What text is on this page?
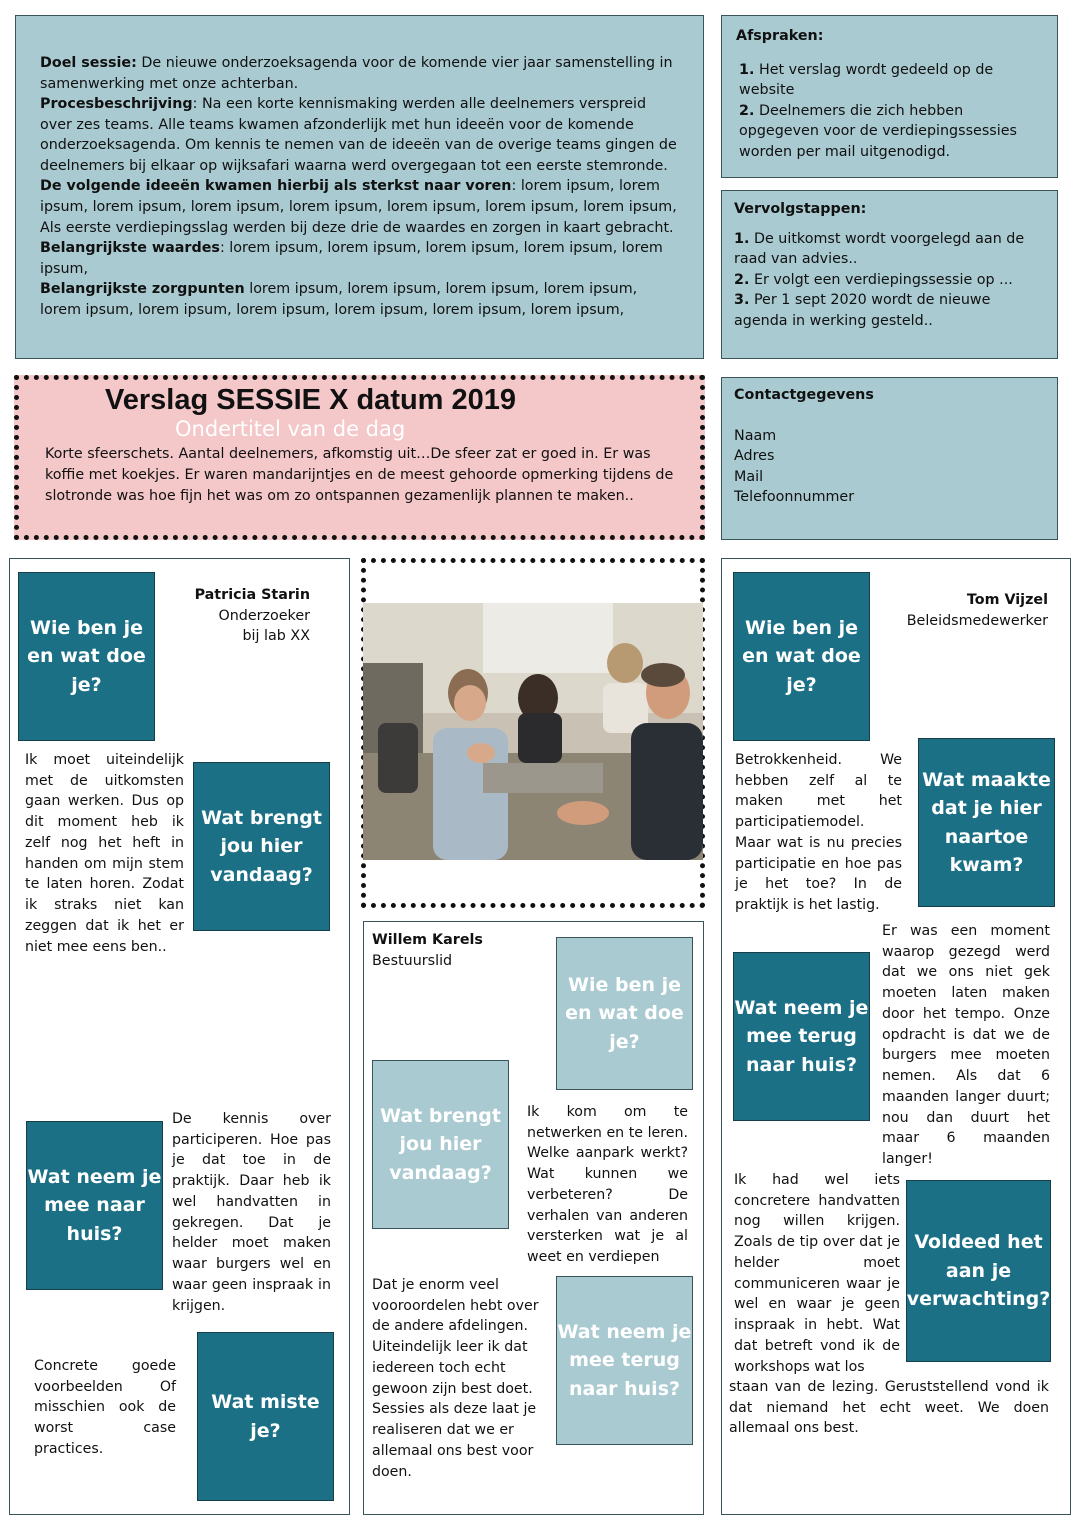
Doel sessie: De nieuwe onderzoeksagenda voor de komende vier jaar samenstelling in samenwerking met onze achterban.
Procesbeschrijving: Na een korte kennismaking werden alle deelnemers verspreid over zes teams. Alle teams kwamen afzonderlijk met hun ideeën voor de komende onderzoeksagenda. Om kennis te nemen van de ideeën van de overige teams gingen de deelnemers bij elkaar op wijksafari waarna werd overgegaan tot een eerste stemronde.
De volgende ideeën kwamen hierbij als sterkst naar voren: lorem ipsum, lorem ipsum, lorem ipsum, lorem ipsum, lorem ipsum, lorem ipsum, lorem ipsum, lorem ipsum, Als eerste verdiepingsslag werden bij deze drie de waardes en zorgen in kaart gebracht.
Belangrijkste waardes: lorem ipsum, lorem ipsum, lorem ipsum, lorem ipsum, lorem ipsum,
Belangrijkste zorgpunten lorem ipsum, lorem ipsum, lorem ipsum, lorem ipsum, lorem ipsum, lorem ipsum, lorem ipsum, lorem ipsum, lorem ipsum, lorem ipsum,

Afspraken:
1. Het verslag wordt gedeeld op de website
2. Deelnemers die zich hebben opgegeven voor de verdiepingssessies worden per mail uitgenodigd.
Vervolgstappen:
1. De uitkomst wordt voorgelegd aan de raad van advies..
2. Er volgt een verdiepingssessie op ...
3. Per 1 sept 2020 wordt de nieuwe agenda in werking gesteld..
Verslag SESSIE X datum 2019
Ondertitel van de dag
Korte sfeerschets. Aantal deelnemers, afkomstig uit…De sfeer zat er goed in. Er was koffie met koekjes. Er waren mandarijntjes en de meest gehoorde opmerking tijdens de slotronde was hoe fijn het was om zo ontspannen gezamenlijk plannen te maken..
Contactgegevens
Naam
Adres
Mail
Telefoonnummer
Wie ben je en wat doe je?
Patricia Starin
Onderzoeker
bij lab XX
Ik moet uiteindelijk met de uitkomsten gaan werken. Dus op dit moment heb ik zelf nog het heft in handen om mijn stem te laten horen. Zodat ik straks niet kan zeggen dat ik het er niet mee eens ben..
Wat brengt jou hier vandaag?
Wat neem je mee naar huis?
De kennis over participeren. Hoe pas je dat toe in de praktijk. Daar heb ik wel handvatten in gekregen. Dat je helder moet maken waar burgers wel en waar geen inspraak in krijgen.
Concrete goede voorbeelden Of misschien ook de worst case practices.
Wat miste je?
Willem Karels
Bestuurslid
Wie ben je en wat doe je?
Wat brengt jou hier vandaag?
Ik kom om te netwerken en te leren. Welke aanpark werkt? Wat kunnen we verbeteren? De verhalen van anderen versterken wat je al weet en verdiepen
Dat je enorm veel vooroordelen hebt over de andere afdelingen. Uiteindelijk leer ik dat iedereen toch echt gewoon zijn best doet. Sessies als deze laat je realiseren dat we er allemaal ons best voor doen.
Wat neem je mee terug naar huis?
Wie ben je en wat doe je?
Tom Vijzel
Beleidsmedewerker
Betrokkenheid. We hebben zelf al te maken met het participatiemodel. Maar wat is nu precies participatie en hoe pas je het toe? In de praktijk is het lastig.
Wat maakte dat je hier naartoe kwam?
Wat neem je mee terug naar huis?
Er was een moment waarop gezegd werd dat we ons niet gek moeten laten maken door het tempo. Onze opdracht is dat we de burgers mee moeten nemen. Als dat 6 maanden langer duurt; nou dan duurt het maar 6 maanden langer!
Ik had wel iets concretere handvatten nog willen krijgen. Zoals de tip over dat je helder moet communiceren waar je wel en waar je geen inspraak in hebt. Wat dat betreft vond ik de workshops wat los
Voldeed het aan je verwachting?
staan van de lezing. Geruststellend vond ik dat niemand het echt weet. We doen allemaal ons best.
